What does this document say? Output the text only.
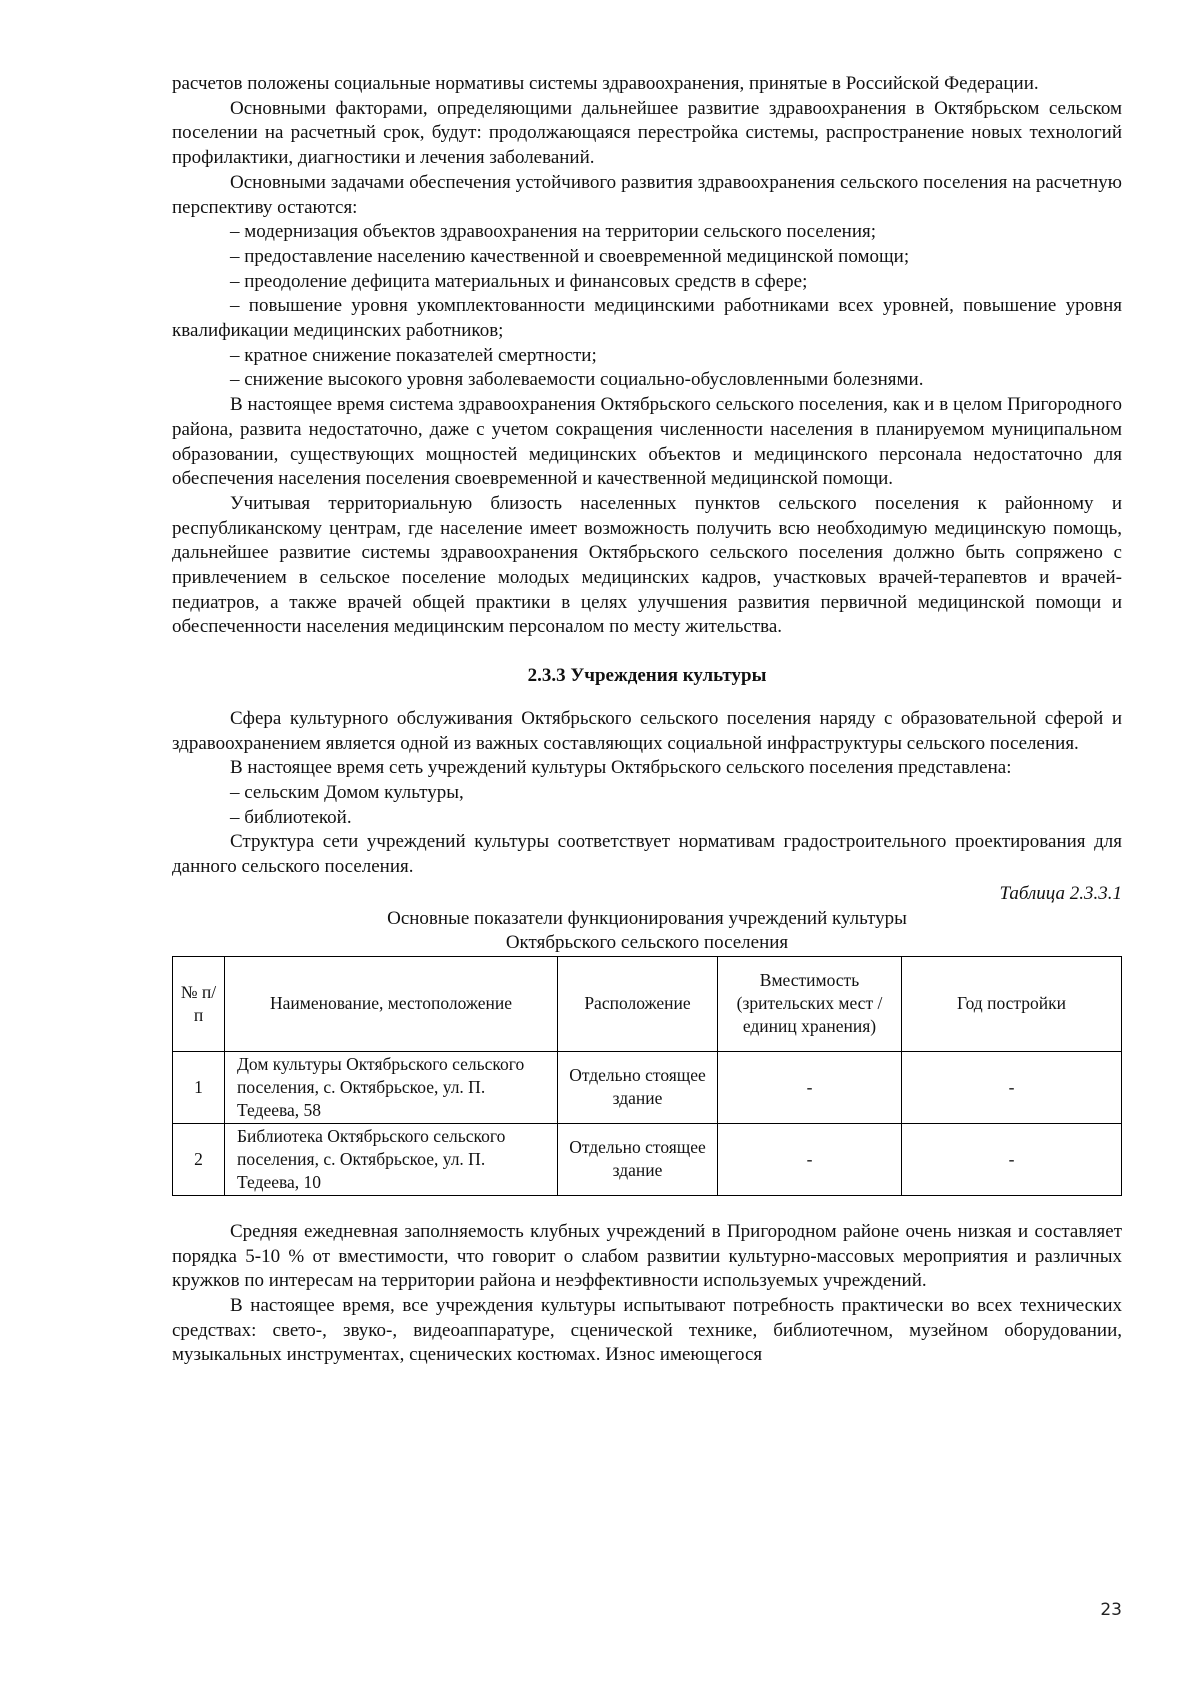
расчетов положены социальные нормативы системы здравоохранения, принятые в Российской Федерации.

Основными факторами, определяющими дальнейшее развитие здравоохранения в Октябрьском сельском поселении на расчетный срок, будут: продолжающаяся перестройка системы, распространение новых технологий профилактики, диагностики и лечения заболеваний.

Основными задачами обеспечения устойчивого развития здравоохранения сельского поселения на расчетную перспективу остаются:

– модернизация объектов здравоохранения на территории сельского поселения;

– предоставление населению качественной и своевременной медицинской помощи;

– преодоление дефицита материальных и финансовых средств в сфере;

– повышение уровня укомплектованности медицинскими работниками всех уровней, повышение уровня квалификации медицинских работников;

– кратное снижение показателей смертности;

– снижение высокого уровня заболеваемости социально-обусловленными болезнями.

В настоящее время система здравоохранения Октябрьского сельского поселения, как и в целом Пригородного района, развита недостаточно, даже с учетом сокращения численности населения в планируемом муниципальном образовании, существующих мощностей медицинских объектов и медицинского персонала недостаточно для обеспечения населения поселения своевременной и качественной медицинской помощи.

Учитывая территориальную близость населенных пунктов сельского поселения к районному и республиканскому центрам, где население имеет возможность получить всю необходимую медицинскую помощь, дальнейшее развитие системы здравоохранения Октябрьского сельского поселения должно быть сопряжено с привлечением в сельское поселение молодых медицинских кадров, участковых врачей-терапевтов и врачей-педиатров, а также врачей общей практики в целях улучшения развития первичной медицинской помощи и обеспеченности населения медицинским персоналом по месту жительства.

2.3.3 Учреждения культуры

Сфера культурного обслуживания Октябрьского сельского поселения наряду с образовательной сферой и здравоохранением является одной из важных составляющих социальной инфраструктуры сельского поселения.

В настоящее время сеть учреждений культуры Октябрьского сельского поселения представлена:

– сельским Домом культуры,

– библиотекой.

Структура сети учреждений культуры соответствует нормативам градостроительного проектирования для данного сельского поселения.

Таблица 2.3.3.1

Основные показатели функционирования учреждений культуры

Октябрьского сельского поселения

№ п/п	Наименование, местоположение	Расположение	Вместимость (зрительских мест / единиц хранения)	Год постройки
1	Дом культуры Октябрьского сельского поселения, с. Октябрьское, ул. П. Тедеева, 58	Отдельно стоящее здание	-	-
2	Библиотека Октябрьского сельского поселения, с. Октябрьское, ул. П. Тедеева, 10	Отдельно стоящее здание	-	-

Средняя ежедневная заполняемость клубных учреждений в Пригородном районе очень низкая и составляет порядка 5-10 % от вместимости, что говорит о слабом развитии культурно-массовых мероприятия и различных кружков по интересам на территории района и неэффективности используемых учреждений.

В настоящее время, все учреждения культуры испытывают потребность практически во всех технических средствах: свето-, звуко-, видеоаппаратуре, сценической технике, библиотечном, музейном оборудовании, музыкальных инструментах, сценических костюмах. Износ имеющегося

23
